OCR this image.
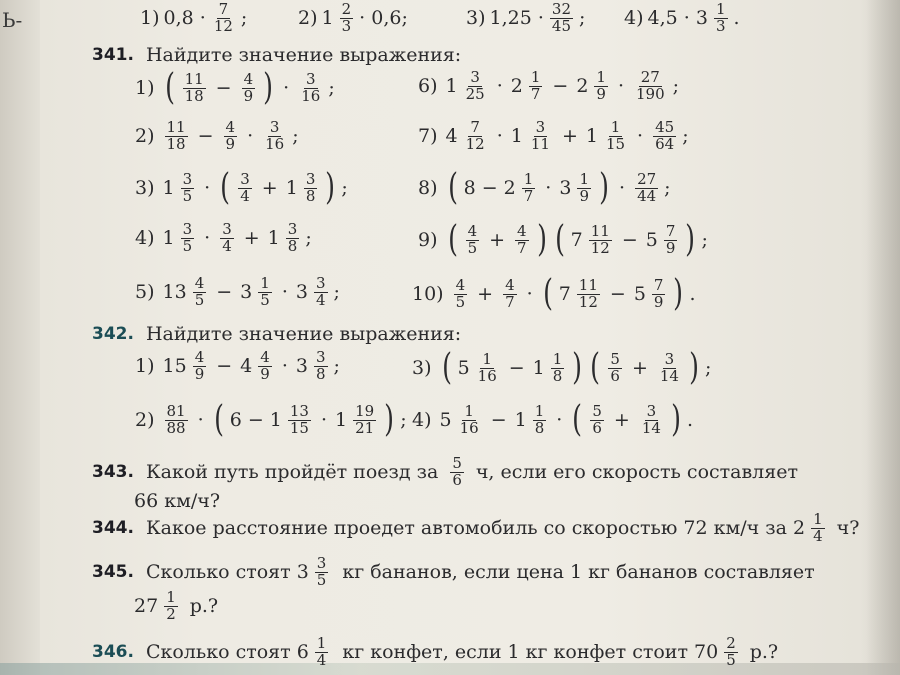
Ь-	1) $0,8 \cdot \frac{7}{12}$ ;	2) $1 \frac{2}{3} \cdot 0,6$;	3) $1,25 \cdot \frac{32}{45}$ ; 4) $4,5 \cdot 3 \frac{1}{3}$ .
341. Найдите значение выражения:
1) ( $\frac{11}{18} - \frac{4}{9}$ ) · $\frac{3}{16}$ ;
$2) \frac{11}{18} - \frac{4}{9} \cdot \frac{3}{16}$ ;
3) $1 \frac{3}{5}$ · ( $\frac{3}{4} + 1 \frac{3}{8}$ ) ;
4) $1 \frac{3}{5} \cdot \frac{3}{4} + 1 \frac{3}{8}$ ;
5) $13 \frac{4}{5} - 3 \frac{1}{5} \cdot 3 \frac{3}{4}$ ;
6) $1 \frac{3}{25} \cdot 2 \frac{1}{7} - 2 \frac{1}{9} \cdot \frac{27}{190}$ ;
7) $4 \frac{7}{12} \cdot 1 \frac{3}{11} + 1 \frac{1}{15} \cdot \frac{45}{64}$ ;
8) ( $8 - 2 \frac{1}{7} \cdot 3 \frac{1}{9}$ ) · $\frac{27}{44}$ ;
9) ( $\frac{4}{5} + \frac{4}{7}$ ) ( $7 \frac{11}{12} - 5 \frac{7}{9}$ ) ;
$10) \frac{4}{5} + \frac{4}{7}$ · ( $7 \frac{11}{12} - 5 \frac{7}{9}$ ) .
342. Найдите значение выражения:
1) $15 \frac{4}{9} - 4 \frac{4}{9} \cdot 3 \frac{3}{8}$ ;
$2) \frac{81}{88}$ · ( $6 - 1 \frac{13}{15} \cdot 1 \frac{19}{21}$ ) ;
3) ( $5 \frac{1}{16} - 1 \frac{1}{8}$ ) ( $\frac{5}{6} + \frac{3}{14}$ ) ;
4) $5 \frac{1}{16} - 1 \frac{1}{8}$ · ( $\frac{5}{6} + \frac{3}{14}$ ) .
343. Какой путь пройдёт поезд за $\frac{5}{6} ч$, если его скорость составляет
66 км/ч?
344. Какое расстояние проедет автомобиль со скоростью 72 км/ч за $2 \frac{1}{4} ч$?
345. Сколько стоят $3 \frac{3}{5}$ кг бананов, если цена 1 кг бананов составляет
$27 \frac{1}{2} р$.?
346. Сколько стоят $6 \frac{1}{4}$ кг конфет, если 1 кг конфет стоит $70 \frac{2}{5} р$.?
